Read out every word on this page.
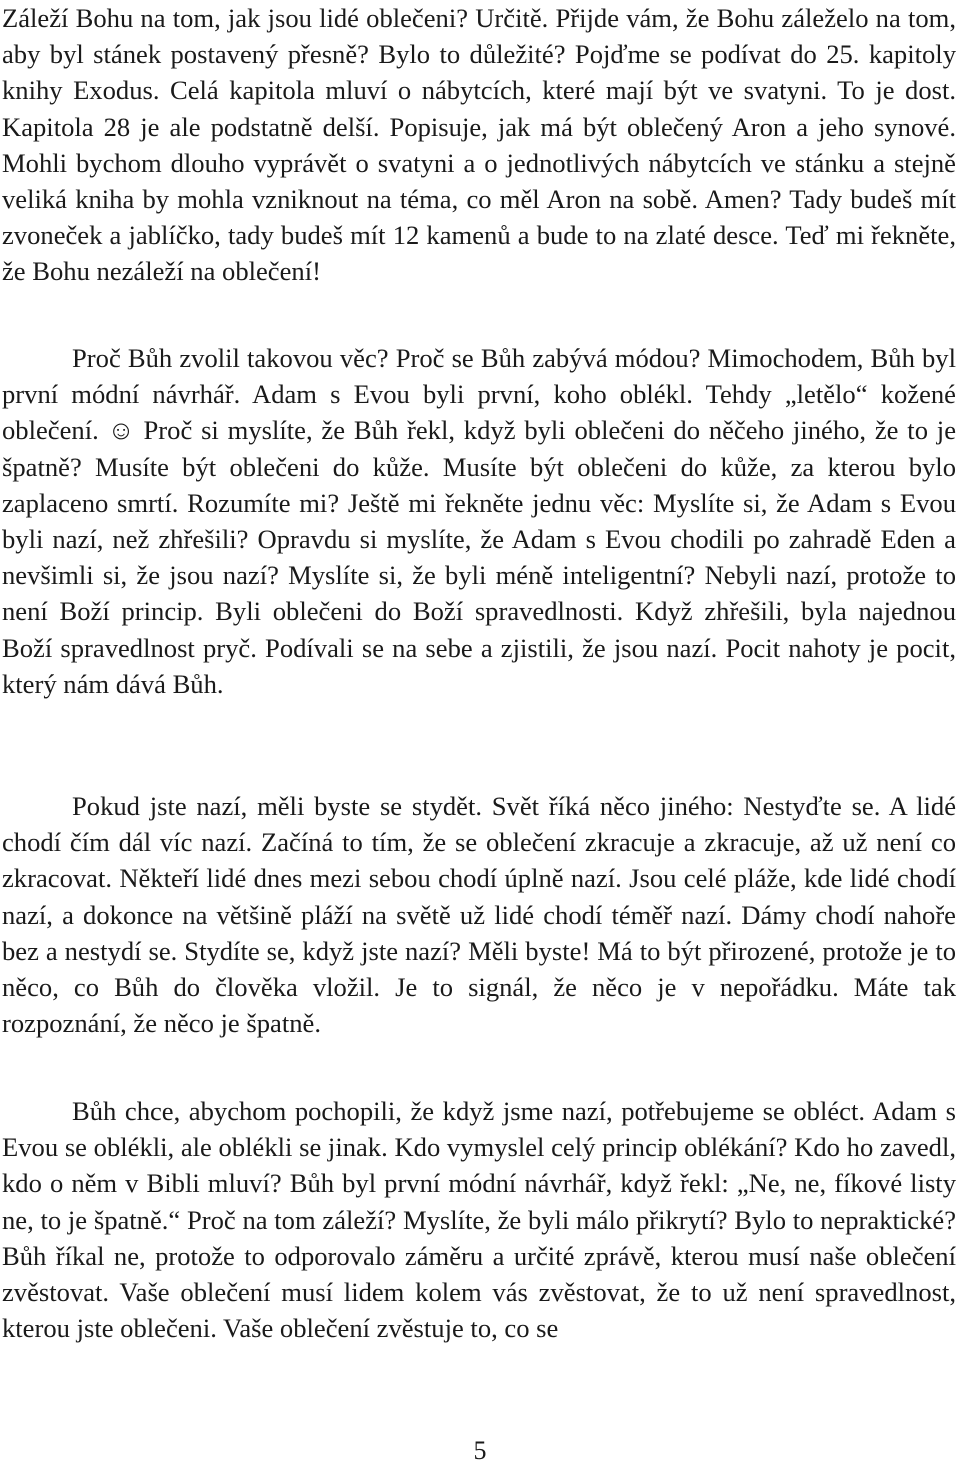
Záleží Bohu na tom, jak jsou lidé oblečeni? Určitě. Přijde vám, že Bohu záleželo na tom, aby byl stánek postavený přesně? Bylo to důležité? Pojďme se podívat do 25. kapitoly knihy Exodus. Celá kapitola mluví o nábytcích, které mají být ve svatyni. To je dost. Kapitola 28 je ale podstatně delší. Popisuje, jak má být oblečený Aron a jeho synové. Mohli bychom dlouho vyprávět o svatyni a o jednotlivých nábytcích ve stánku a stejně veliká kniha by mohla vzniknout na téma, co měl Aron na sobě. Amen? Tady budeš mít zvoneček a jablíčko, tady budeš mít 12 kamenů a bude to na zlaté desce. Teď mi řekněte, že Bohu nezáleží na oblečení!

Proč Bůh zvolil takovou věc? Proč se Bůh zabývá módou? Mimochodem, Bůh byl první módní návrhář. Adam s Evou byli první, koho oblékl. Tehdy „letělo“ kožené oblečení. ☺ Proč si myslíte, že Bůh řekl, když byli oblečeni do něčeho jiného, že to je špatně? Musíte být oblečeni do kůže. Musíte být oblečeni do kůže, za kterou bylo zaplaceno smrtí. Rozumíte mi? Ještě mi řekněte jednu věc: Myslíte si, že Adam s Evou byli nazí, než zhřešili? Opravdu si myslíte, že Adam s Evou chodili po zahradě Eden a nevšimli si, že jsou nazí? Myslíte si, že byli méně inteligentní? Nebyli nazí, protože to není Boží princip. Byli oblečeni do Boží spravedlnosti. Když zhřešili, byla najednou Boží spravedlnost pryč. Podívali se na sebe a zjistili, že jsou nazí. Pocit nahoty je pocit, který nám dává Bůh.

Pokud jste nazí, měli byste se stydět. Svět říká něco jiného: Nestyďte se. A lidé chodí čím dál víc nazí. Začíná to tím, že se oblečení zkracuje a zkracuje, až už není co zkracovat. Někteří lidé dnes mezi sebou chodí úplně nazí. Jsou celé pláže, kde lidé chodí nazí, a dokonce na většině pláží na světě už lidé chodí téměř nazí. Dámy chodí nahoře bez a nestydí se. Stydíte se, když jste nazí? Měli byste! Má to být přirozené, protože je to něco, co Bůh do člověka vložil. Je to signál, že něco je v nepořádku. Máte tak rozpoznání, že něco je špatně.

Bůh chce, abychom pochopili, že když jsme nazí, potřebujeme se obléct. Adam s Evou se oblékli, ale oblékli se jinak. Kdo vymyslel celý princip oblékání? Kdo ho zavedl, kdo o něm v Bibli mluví? Bůh byl první módní návrhář, když řekl: „Ne, ne, fíkové listy ne, to je špatně.“ Proč na tom záleží? Myslíte, že byli málo přikrytí? Bylo to nepraktické? Bůh říkal ne, protože to odporovalo záměru a určité zprávě, kterou musí naše oblečení zvěstovat. Vaše oblečení musí lidem kolem vás zvěstovat, že to už není spravedlnost, kterou jste oblečeni. Vaše oblečení zvěstuje to, co se

5
